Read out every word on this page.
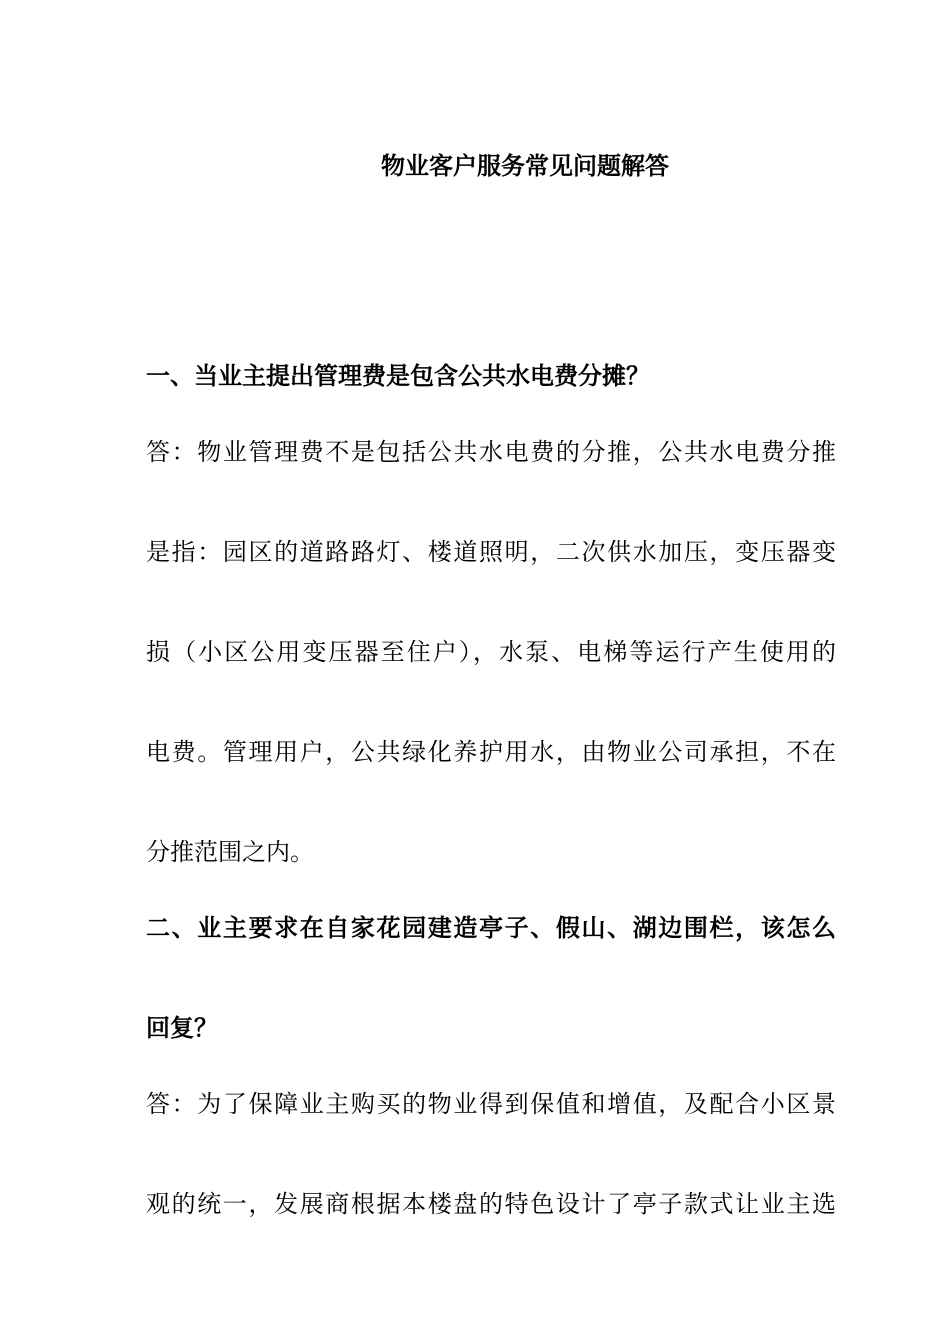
物业客户服务常见问题解答
一、当业主提出管理费是包含公共水电费分摊？
答：物业管理费不是包括公共水电费的分推，公共水电费分推
是指：园区的道路路灯、楼道照明，二次供水加压，变压器变
损（小区公用变压器至住户），水泵、电梯等运行产生使用的
电费。管理用户，公共绿化养护用水，由物业公司承担，不在
分推范围之内。
二、业主要求在自家花园建造亭子、假山、湖边围栏，该怎么
回复？
答：为了保障业主购买的物业得到保值和增值，及配合小区景
观的统一，发展商根据本楼盘的特色设计了亭子款式让业主选
